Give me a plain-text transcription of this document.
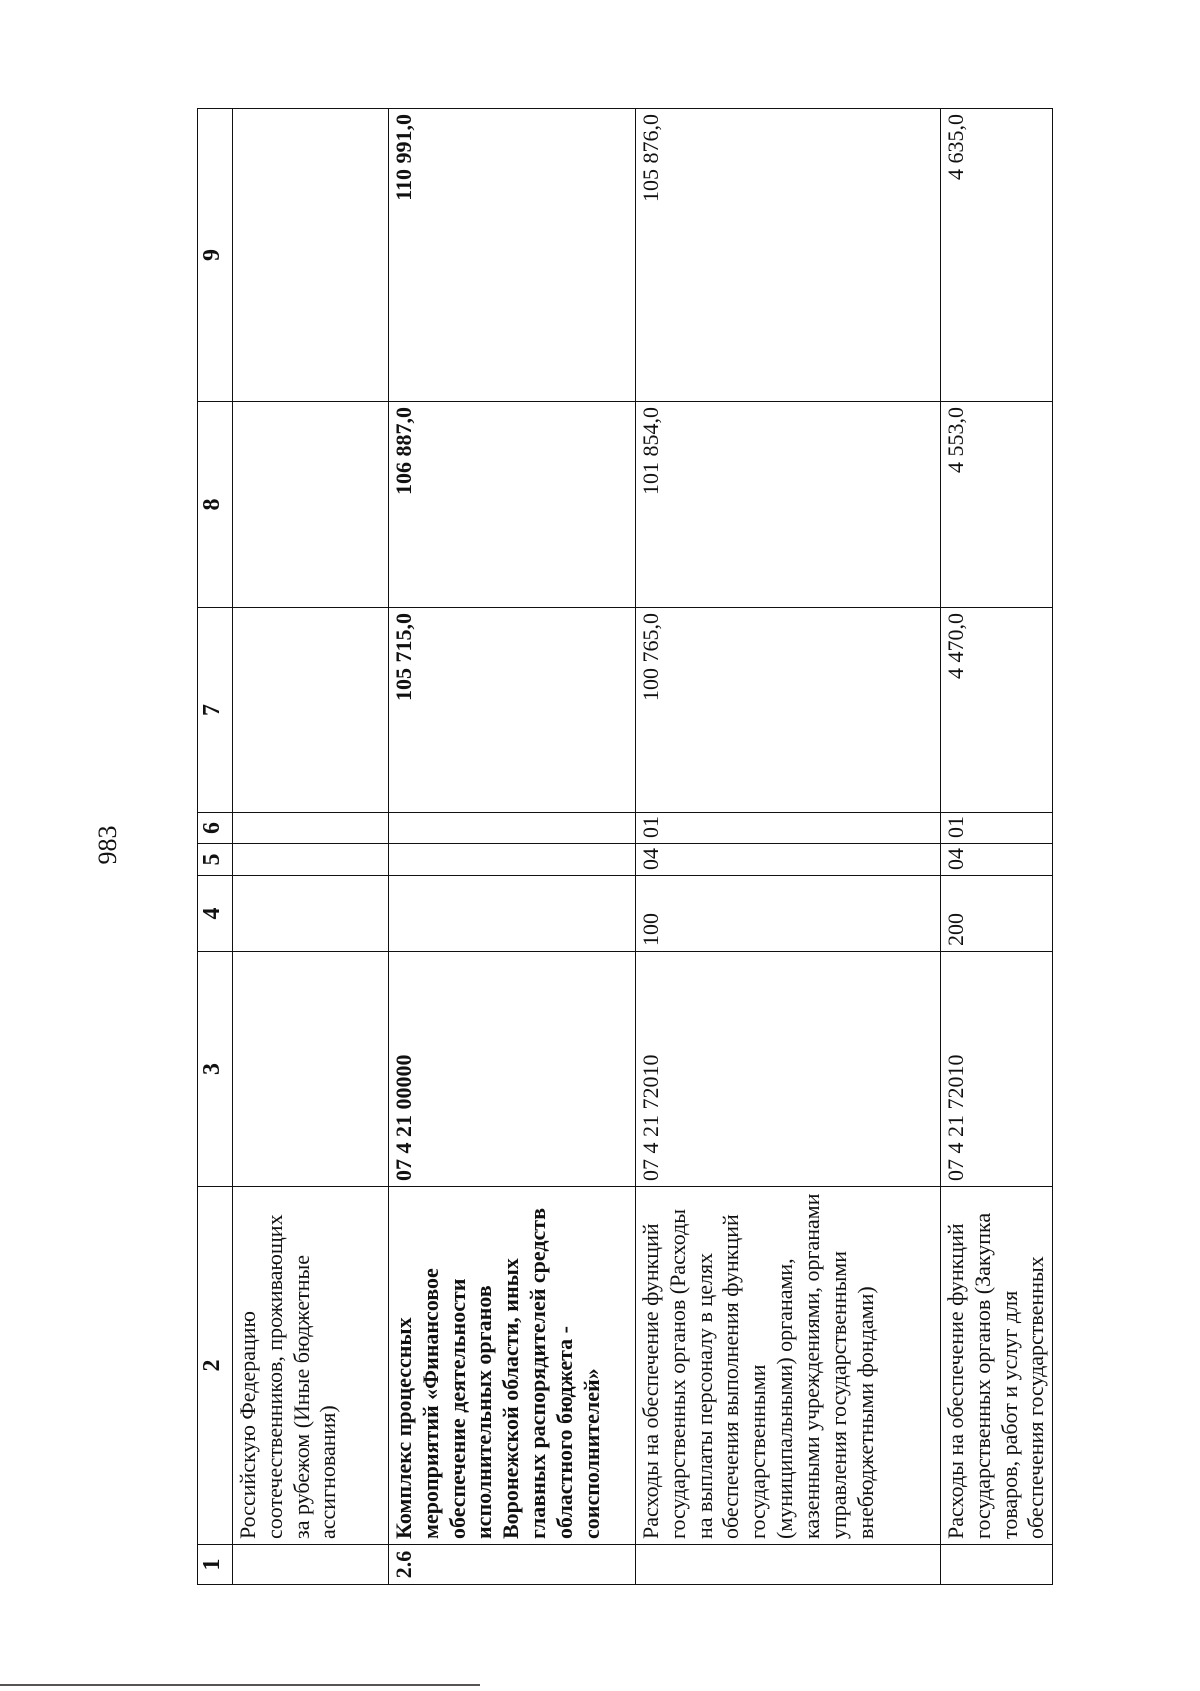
983
1	2	3	4	5	6	7	8	9
	Российскую Федерацию соотечественников, проживающих за рубежом (Иные бюджетные ассигнования)							
2.6	Комплекс процессных мероприятий «Финансовое обеспечение деятельности исполнительных органов Воронежской области, иных главных распорядителей средств областного бюджета - соисполнителей»	07 4 21 00000				105 715,0	106 887,0	110 991,0
	Расходы на обеспечение функций государственных органов (Расходы на выплаты персоналу в целях обеспечения выполнения функций государственными (муниципальными) органами, казенными учреждениями, органами управления государственными внебюджетными фондами)	07 4 21 72010	100	04	01	100 765,0	101 854,0	105 876,0
	Расходы на обеспечение функций государственных органов (Закупка товаров, работ и услуг для обеспечения государственных	07 4 21 72010	200	04	01	4 470,0	4 553,0	4 635,0
